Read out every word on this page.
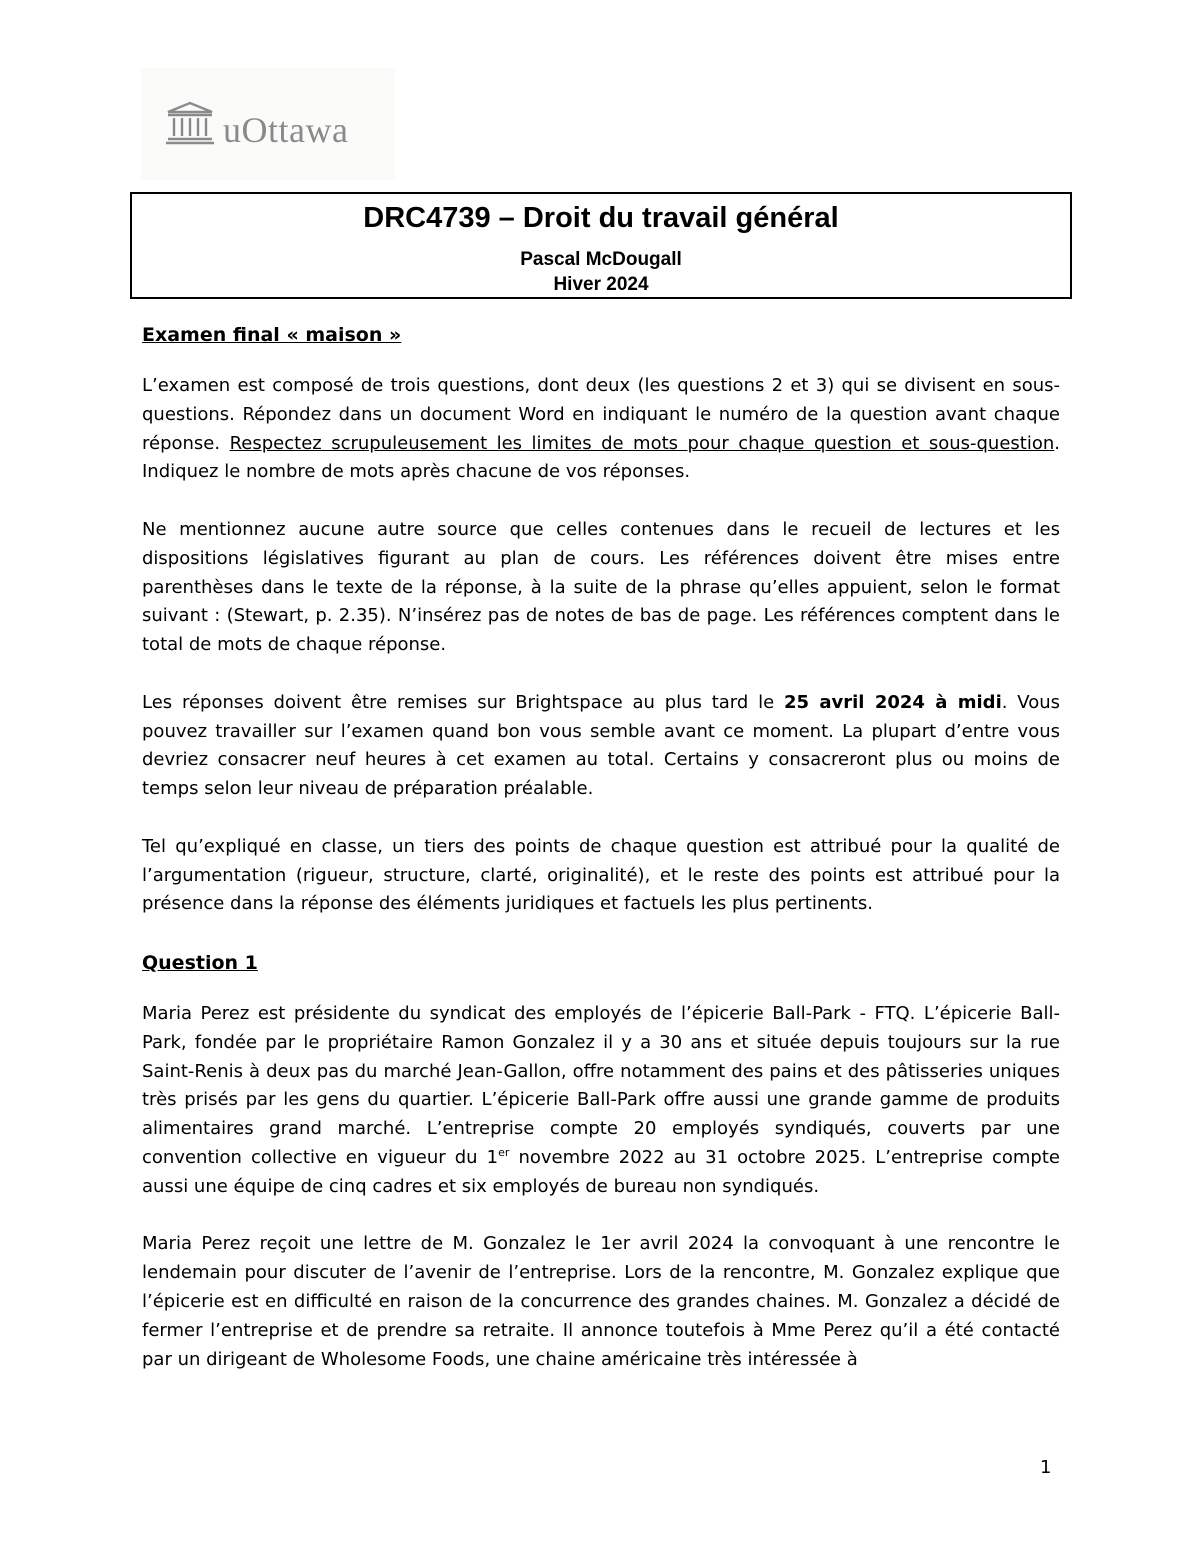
uOttawa
DRC4739 – Droit du travail général
Pascal McDougall
Hiver 2024
Examen final « maison »

L’examen est composé de trois questions, dont deux (les questions 2 et 3) qui se divisent en sous-questions. Répondez dans un document Word en indiquant le numéro de la question avant chaque réponse. Respectez scrupuleusement les limites de mots pour chaque question et sous-question. Indiquez le nombre de mots après chacune de vos réponses.

Ne mentionnez aucune autre source que celles contenues dans le recueil de lectures et les dispositions législatives figurant au plan de cours. Les références doivent être mises entre parenthèses dans le texte de la réponse, à la suite de la phrase qu’elles appuient, selon le format suivant : (Stewart, p. 2.35). N’insérez pas de notes de bas de page. Les références comptent dans le total de mots de chaque réponse.

Les réponses doivent être remises sur Brightspace au plus tard le 25 avril 2024 à midi. Vous pouvez travailler sur l’examen quand bon vous semble avant ce moment. La plupart d’entre vous devriez consacrer neuf heures à cet examen au total. Certains y consacreront plus ou moins de temps selon leur niveau de préparation préalable.

Tel qu’expliqué en classe, un tiers des points de chaque question est attribué pour la qualité de l’argumentation (rigueur, structure, clarté, originalité), et le reste des points est attribué pour la présence dans la réponse des éléments juridiques et factuels les plus pertinents.

Question 1

Maria Perez est présidente du syndicat des employés de l’épicerie Ball-Park - FTQ. L’épicerie Ball-Park, fondée par le propriétaire Ramon Gonzalez il y a 30 ans et située depuis toujours sur la rue Saint-Renis à deux pas du marché Jean-Gallon, offre notamment des pains et des pâtisseries uniques très prisés par les gens du quartier. L’épicerie Ball-Park offre aussi une grande gamme de produits alimentaires grand marché. L’entreprise compte 20 employés syndiqués, couverts par une convention collective en vigueur du 1er novembre 2022 au 31 octobre 2025. L’entreprise compte aussi une équipe de cinq cadres et six employés de bureau non syndiqués.

Maria Perez reçoit une lettre de M. Gonzalez le 1er avril 2024 la convoquant à une rencontre le lendemain pour discuter de l’avenir de l’entreprise. Lors de la rencontre, M. Gonzalez explique que l’épicerie est en difficulté en raison de la concurrence des grandes chaines. M. Gonzalez a décidé de fermer l’entreprise et de prendre sa retraite. Il annonce toutefois à Mme Perez qu’il a été contacté par un dirigeant de Wholesome Foods, une chaine américaine très intéressée à

1
